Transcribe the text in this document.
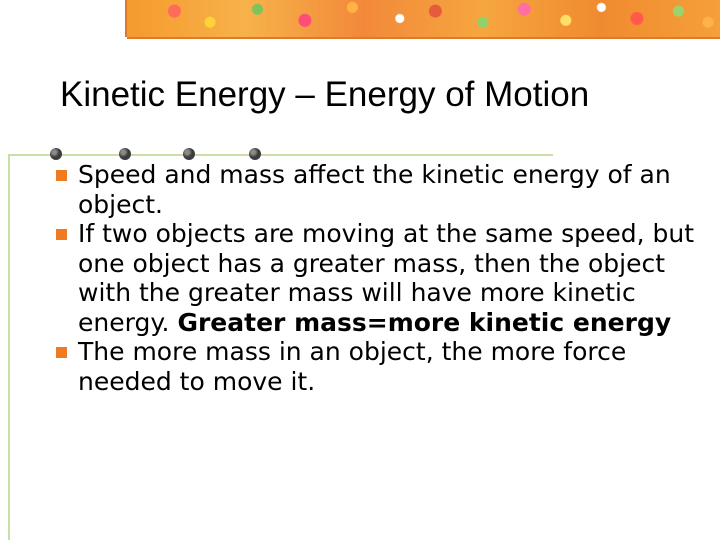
Kinetic Energy – Energy of Motion

Speed and mass affect the kinetic energy of an object.

If two objects are moving at the same speed, but one object has a greater mass, then the object with the greater mass will have more kinetic energy. Greater mass=more kinetic energy

The more mass in an object, the more force needed to move it.
